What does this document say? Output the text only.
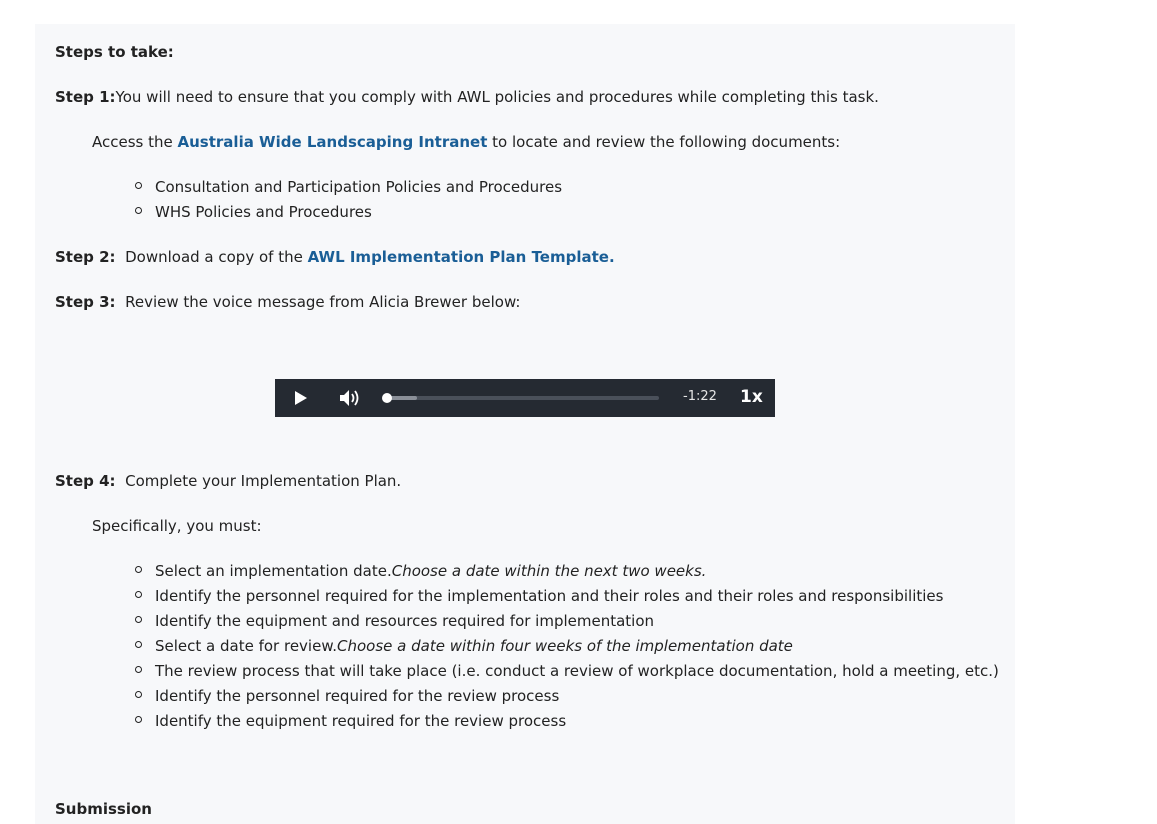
Steps to take:
Step 1:You will need to ensure that you comply with AWL policies and procedures while completing this task.
Access the Australia Wide Landscaping Intranet to locate and review the following documents:
Consultation and Participation Policies and Procedures
WHS Policies and Procedures
Step 2: Download a copy of the AWL Implementation Plan Template.
Step 3: Review the voice message from Alicia Brewer below:
-1:22 1x
Step 4: Complete your Implementation Plan.
Specifically, you must:
Select an implementation date.Choose a date within the next two weeks.
Identify the personnel required for the implementation and their roles and their roles and responsibilities
Identify the equipment and resources required for implementation
Select a date for review.Choose a date within four weeks of the implementation date
The review process that will take place (i.e. conduct a review of workplace documentation, hold a meeting, etc.)
Identify the personnel required for the review process
Identify the equipment required for the review process
Submission
